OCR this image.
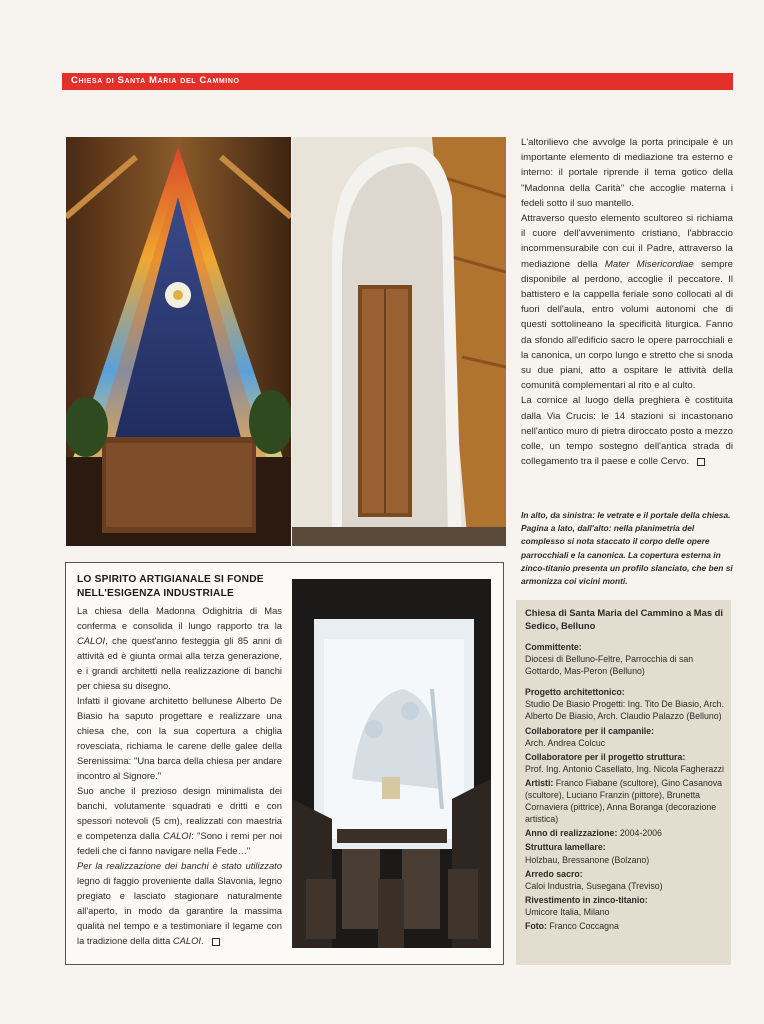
Chiesa di Santa Maria del Cammino

L'altorilievo che avvolge la porta principale è un importante elemento di mediazione tra esterno e interno: il portale riprende il tema gotico della "Madonna della Carità" che accoglie materna i fedeli sotto il suo mantello.

Attraverso questo elemento scultoreo si richiama il cuore dell'avvenimento cristiano, l'abbraccio incommensurabile con cui il Padre, attraverso la mediazione della Mater Misericordiae sempre disponibile al perdono, accoglie il peccatore. Il battistero e la cappella feriale sono collocati al di fuori dell'aula, entro volumi autonomi che di questi sottolineano la specificità liturgica. Fanno da sfondo all'edificio sacro le opere parrocchiali e la canonica, un corpo lungo e stretto che si snoda su due piani, atto a ospitare le attività della comunità complementari al rito e al culto.

La cornice al luogo della preghiera è costituita dalla Via Crucis: le 14 stazioni si incastonano nell'antico muro di pietra diroccato posto a mezzo colle, un tempo sostegno dell'antica strada di collegamento tra il paese e colle Cervo.

In alto, da sinistra: le vetrate e il portale della chiesa. Pagina a lato, dall'alto: nella planimetria del complesso si nota staccato il corpo delle opere parrocchiali e la canonica. La copertura esterna in zinco-titanio presenta un profilo slanciato, che ben si armonizza coi vicini monti.
LO SPIRITO ARTIGIANALE SI FONDE NELL'ESIGENZA INDUSTRIALE

La chiesa della Madonna Odighitria di Mas conferma e consolida il lungo rapporto tra la CALOI, che quest'anno festeggia gli 85 anni di attività ed è giunta ormai alla terza generazione, e i grandi architetti nella realizzazione di banchi per chiesa su disegno.

Infatti il giovane architetto bellunese Alberto De Biasio ha saputo progettare e realizzare una chiesa che, con la sua copertura a chiglia rovesciata, richiama le carene delle galee della Serenissima: "Una barca della chiesa per andare incontro al Signore."

Suo anche il prezioso design minimalista dei banchi, volutamente squadrati e dritti e con spessori notevoli (5 cm), realizzati con maestria e competenza dalla CALOI: "Sono i remi per noi fedeli che ci fanno navigare nella Fede…"

Per la realizzazione dei banchi è stato utilizzato legno di faggio proveniente dalla Slavonia, legno pregiato e lasciato stagionare naturalmente all'aperto, in modo da garantire la massima qualità nel tempo e a testimoniare il legame con la tradizione della ditta CALOI.

Chiesa di Santa Maria del Cammino a Mas di Sedico, Belluno
Committente:
Diocesi di Belluno-Feltre, Parrocchia di san Gottardo, Mas-Peron (Belluno)
Progetto architettonico:
Studio De Biasio Progetti: Ing. Tito De Biasio, Arch. Alberto De Biasio, Arch. Claudio Palazzo (Belluno)
Collaboratore per il campanile:
Arch. Andrea Colcuc
Collaboratore per il progetto struttura:
Prof. Ing. Antonio Casellato, Ing. Nicola Fagherazzi
Artisti: Franco Fiabane (scultore), Gino Casanova (scultore), Luciano Franzin (pittore), Brunetta Cornaviera (pittrice), Anna Boranga (decorazione artistica)
Anno di realizzazione: 2004-2006
Struttura lamellare:
Holzbau, Bressanone (Bolzano)
Arredo sacro:
Caloi Industria, Susegana (Treviso)
Rivestimento in zinco-titanio:
Umicore Italia, Milano
Foto: Franco Coccagna
